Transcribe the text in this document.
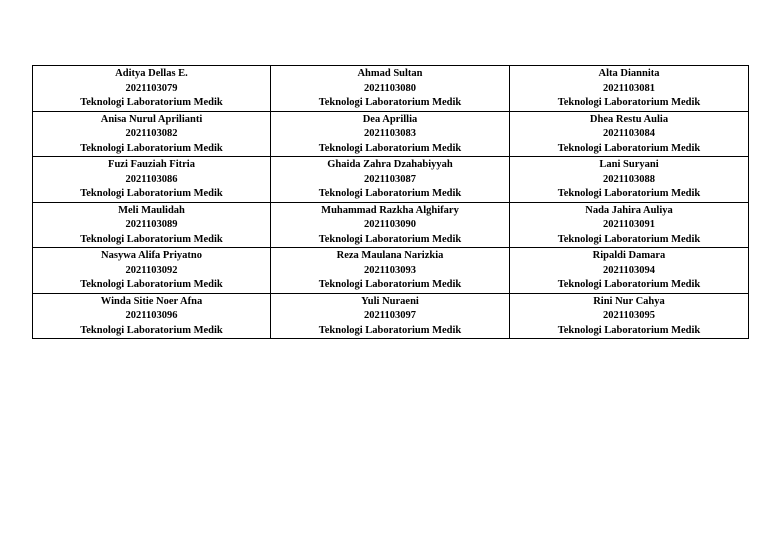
Aditya Dellas E.
2021103079
Teknologi Laboratorium Medik	Ahmad Sultan
2021103080
Teknologi Laboratorium Medik	Alta Diannita
2021103081
Teknologi Laboratorium Medik

Anisa Nurul Aprilianti
2021103082
Teknologi Laboratorium Medik	Dea Aprillia
2021103083
Teknologi Laboratorium Medik	Dhea Restu Aulia
2021103084
Teknologi Laboratorium Medik

Fuzi Fauziah Fitria
2021103086
Teknologi Laboratorium Medik	Ghaida Zahra Dzahabiyyah
2021103087
Teknologi Laboratorium Medik	Lani Suryani
2021103088
Teknologi Laboratorium Medik

Meli Maulidah
2021103089
Teknologi Laboratorium Medik	Muhammad Razkha Alghifary
2021103090
Teknologi Laboratorium Medik	Nada Jahira Auliya
2021103091
Teknologi Laboratorium Medik

Nasywa Alifa Priyatno
2021103092
Teknologi Laboratorium Medik	Reza Maulana Narizkia
2021103093
Teknologi Laboratorium Medik	Ripaldi Damara
2021103094
Teknologi Laboratorium Medik

Winda Sitie Noer Afna
2021103096
Teknologi Laboratorium Medik	Yuli Nuraeni
2021103097
Teknologi Laboratorium Medik	Rini Nur Cahya
2021103095
Teknologi Laboratorium Medik
